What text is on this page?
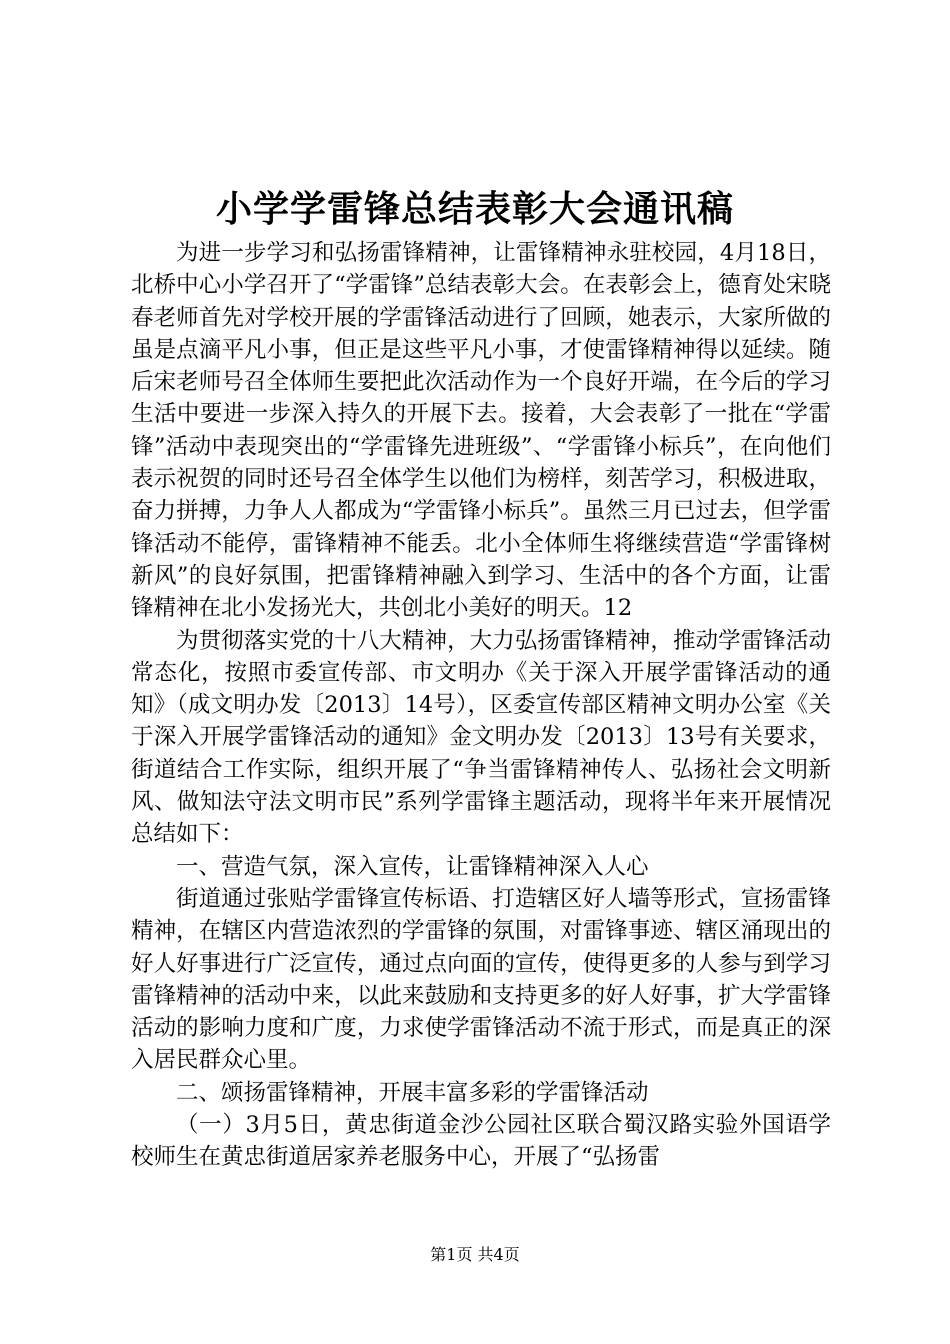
小学学雷锋总结表彰大会通讯稿

为进一步学习和弘扬雷锋精神，让雷锋精神永驻校园，4月18日，北桥中心小学召开了“学雷锋”总结表彰大会。在表彰会上，德育处宋晓春老师首先对学校开展的学雷锋活动进行了回顾，她表示，大家所做的虽是点滴平凡小事，但正是这些平凡小事，才使雷锋精神得以延续。随后宋老师号召全体师生要把此次活动作为一个良好开端，在今后的学习生活中要进一步深入持久的开展下去。接着，大会表彰了一批在“学雷锋”活动中表现突出的“学雷锋先进班级”、“学雷锋小标兵”，在向他们表示祝贺的同时还号召全体学生以他们为榜样，刻苦学习，积极进取，奋力拼搏，力争人人都成为“学雷锋小标兵”。虽然三月已过去，但学雷锋活动不能停，雷锋精神不能丢。北小全体师生将继续营造“学雷锋树新风”的良好氛围，把雷锋精神融入到学习、生活中的各个方面，让雷锋精神在北小发扬光大，共创北小美好的明天。12

为贯彻落实党的十八大精神，大力弘扬雷锋精神，推动学雷锋活动常态化，按照市委宣传部、市文明办《关于深入开展学雷锋活动的通知》（成文明办发〔2013〕14号），区委宣传部区精神文明办公室《关于深入开展学雷锋活动的通知》金文明办发〔2013〕13号有关要求，街道结合工作实际，组织开展了“争当雷锋精神传人、弘扬社会文明新风、做知法守法文明市民”系列学雷锋主题活动，现将半年来开展情况总结如下：

一、营造气氛，深入宣传，让雷锋精神深入人心

街道通过张贴学雷锋宣传标语、打造辖区好人墙等形式，宣扬雷锋精神，在辖区内营造浓烈的学雷锋的氛围，对雷锋事迹、辖区涌现出的好人好事进行广泛宣传，通过点向面的宣传，使得更多的人参与到学习雷锋精神的活动中来，以此来鼓励和支持更多的好人好事，扩大学雷锋活动的影响力度和广度，力求使学雷锋活动不流于形式，而是真正的深入居民群众心里。

二、颂扬雷锋精神，开展丰富多彩的学雷锋活动

（一）3月5日，黄忠街道金沙公园社区联合蜀汉路实验外国语学校师生在黄忠街道居家养老服务中心，开展了“弘扬雷

第1页 共4页
